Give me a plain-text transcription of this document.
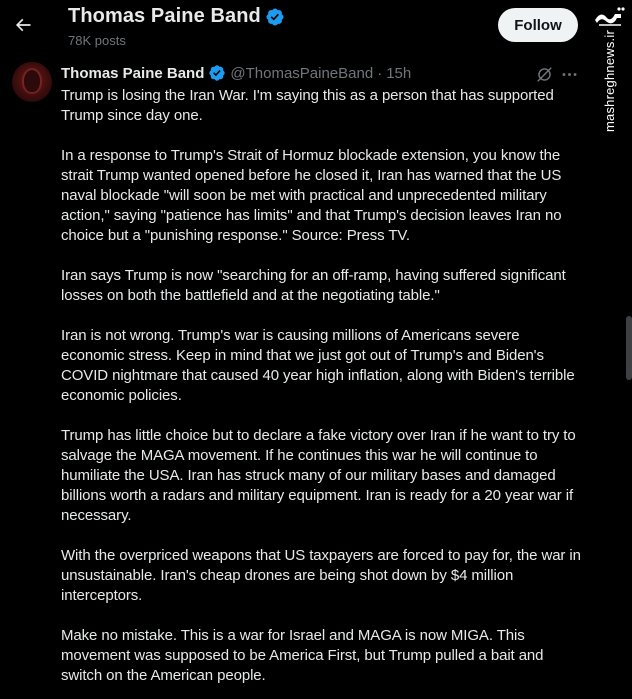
Thomas Paine Band
78K posts
Follow
mashreghnews.ir
Thomas Paine Band @ThomasPaineBand · 15h

Trump is losing the Iran War. I'm saying this as a person that has supported Trump since day one.

In a response to Trump's Strait of Hormuz blockade extension, you know the strait Trump wanted opened before he closed it, Iran has warned that the US naval blockade "will soon be met with practical and unprecedented military action," saying "patience has limits" and that Trump's decision leaves Iran no choice but a "punishing response." Source: Press TV.

Iran says Trump is now "searching for an off-ramp, having suffered significant losses on both the battlefield and at the negotiating table."

Iran is not wrong. Trump's war is causing millions of Americans severe economic stress. Keep in mind that we just got out of Trump's and Biden's COVID nightmare that caused 40 year high inflation, along with Biden's terrible economic policies.

Trump has little choice but to declare a fake victory over Iran if he want to try to salvage the MAGA movement. If he continues this war he will continue to humiliate the USA. Iran has struck many of our military bases and damaged billions worth a radars and military equipment. Iran is ready for a 20 year war if necessary.

With the overpriced weapons that US taxpayers are forced to pay for, the war in unsustainable. Iran's cheap drones are being shot down by $4 million interceptors.

Make no mistake. This is a war for Israel and MAGA is now MIGA. This movement was supposed to be America First, but Trump pulled a bait and switch on the American people.
